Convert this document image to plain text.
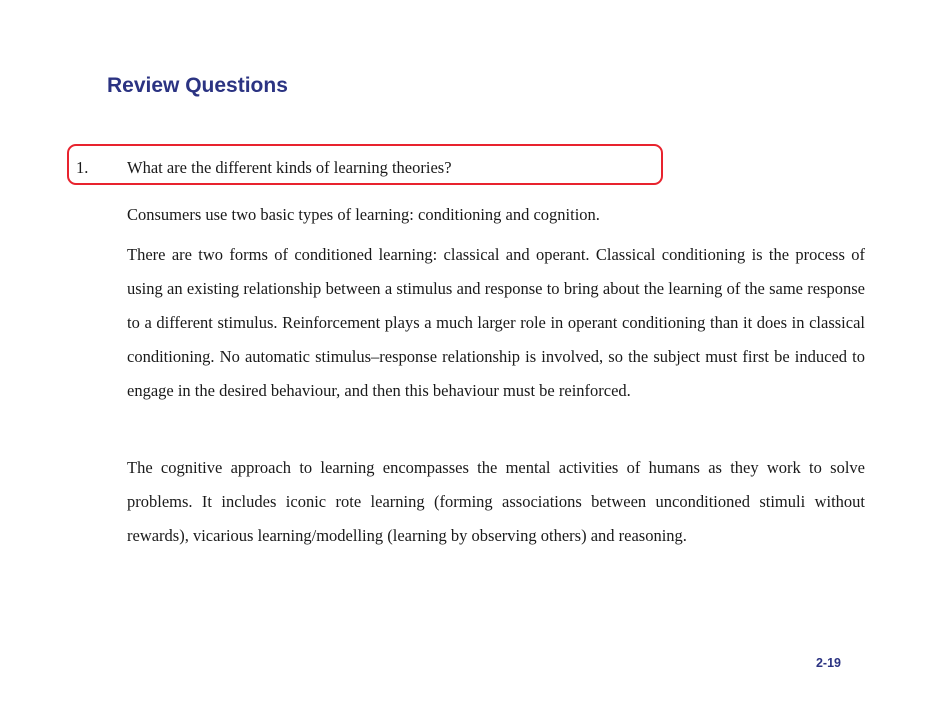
Review Questions
1. What are the different kinds of learning theories?

Consumers use two basic types of learning: conditioning and cognition.

There are two forms of conditioned learning: classical and operant. Classical conditioning is the process of using an existing relationship between a stimulus and response to bring about the learning of the same response to a different stimulus. Reinforcement plays a much larger role in operant conditioning than it does in classical conditioning. No automatic stimulus–response relationship is involved, so the subject must first be induced to engage in the desired behaviour, and then this behaviour must be reinforced.

The cognitive approach to learning encompasses the mental activities of humans as they work to solve problems. It includes iconic rote learning (forming associations between unconditioned stimuli without rewards), vicarious learning/modelling (learning by observing others) and reasoning.

2-19
